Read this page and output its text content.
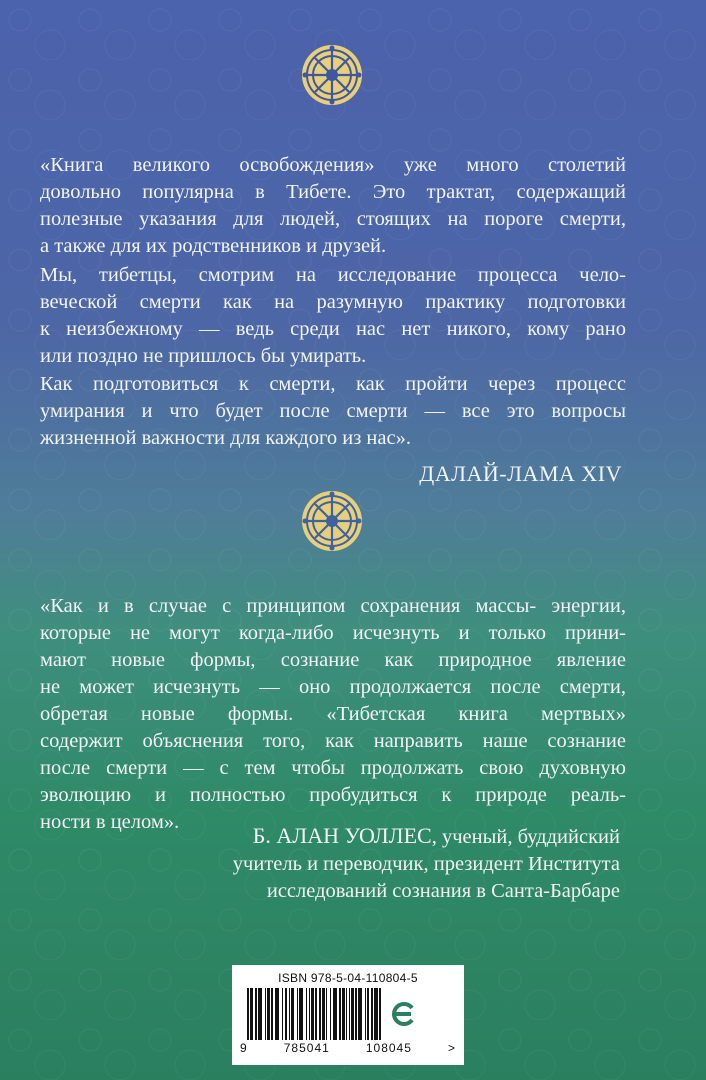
«Книга великого освобождения» уже много столетий
довольно популярна в Тибете. Это трактат, содержащий
полезные указания для людей, стоящих на пороге смерти,
а также для их родственников и друзей.
Мы, тибетцы, смотрим на исследование процесса чело-
веческой смерти как на разумную практику подготовки
к неизбежному — ведь среди нас нет никого, кому рано
или поздно не пришлось бы умирать.
Как подготовиться к смерти, как пройти через процесс
умирания и что будет после смерти — все это вопросы
жизненной важности для каждого из нас».
ДАЛАЙ-ЛАМА XIV
«Как и в случае с принципом сохранения массы- энергии,
которые не могут когда-либо исчезнуть и только прини-
мают новые формы, сознание как природное явление
не может исчезнуть — оно продолжается после смерти,
обретая новые формы. «Тибетская книга мертвых»
содержит объяснения того, как направить наше сознание
после смерти — с тем чтобы продолжать свою духовную
эволюцию и полностью пробудиться к природе реаль-
ности в целом».
Б. АЛАН УОЛЛЕС, ученый, буддийский
учитель и переводчик, президент Института
исследований сознания в Санта-Барбаре
ISBN 978-5-04-110804-5
9	785041	108045	>
